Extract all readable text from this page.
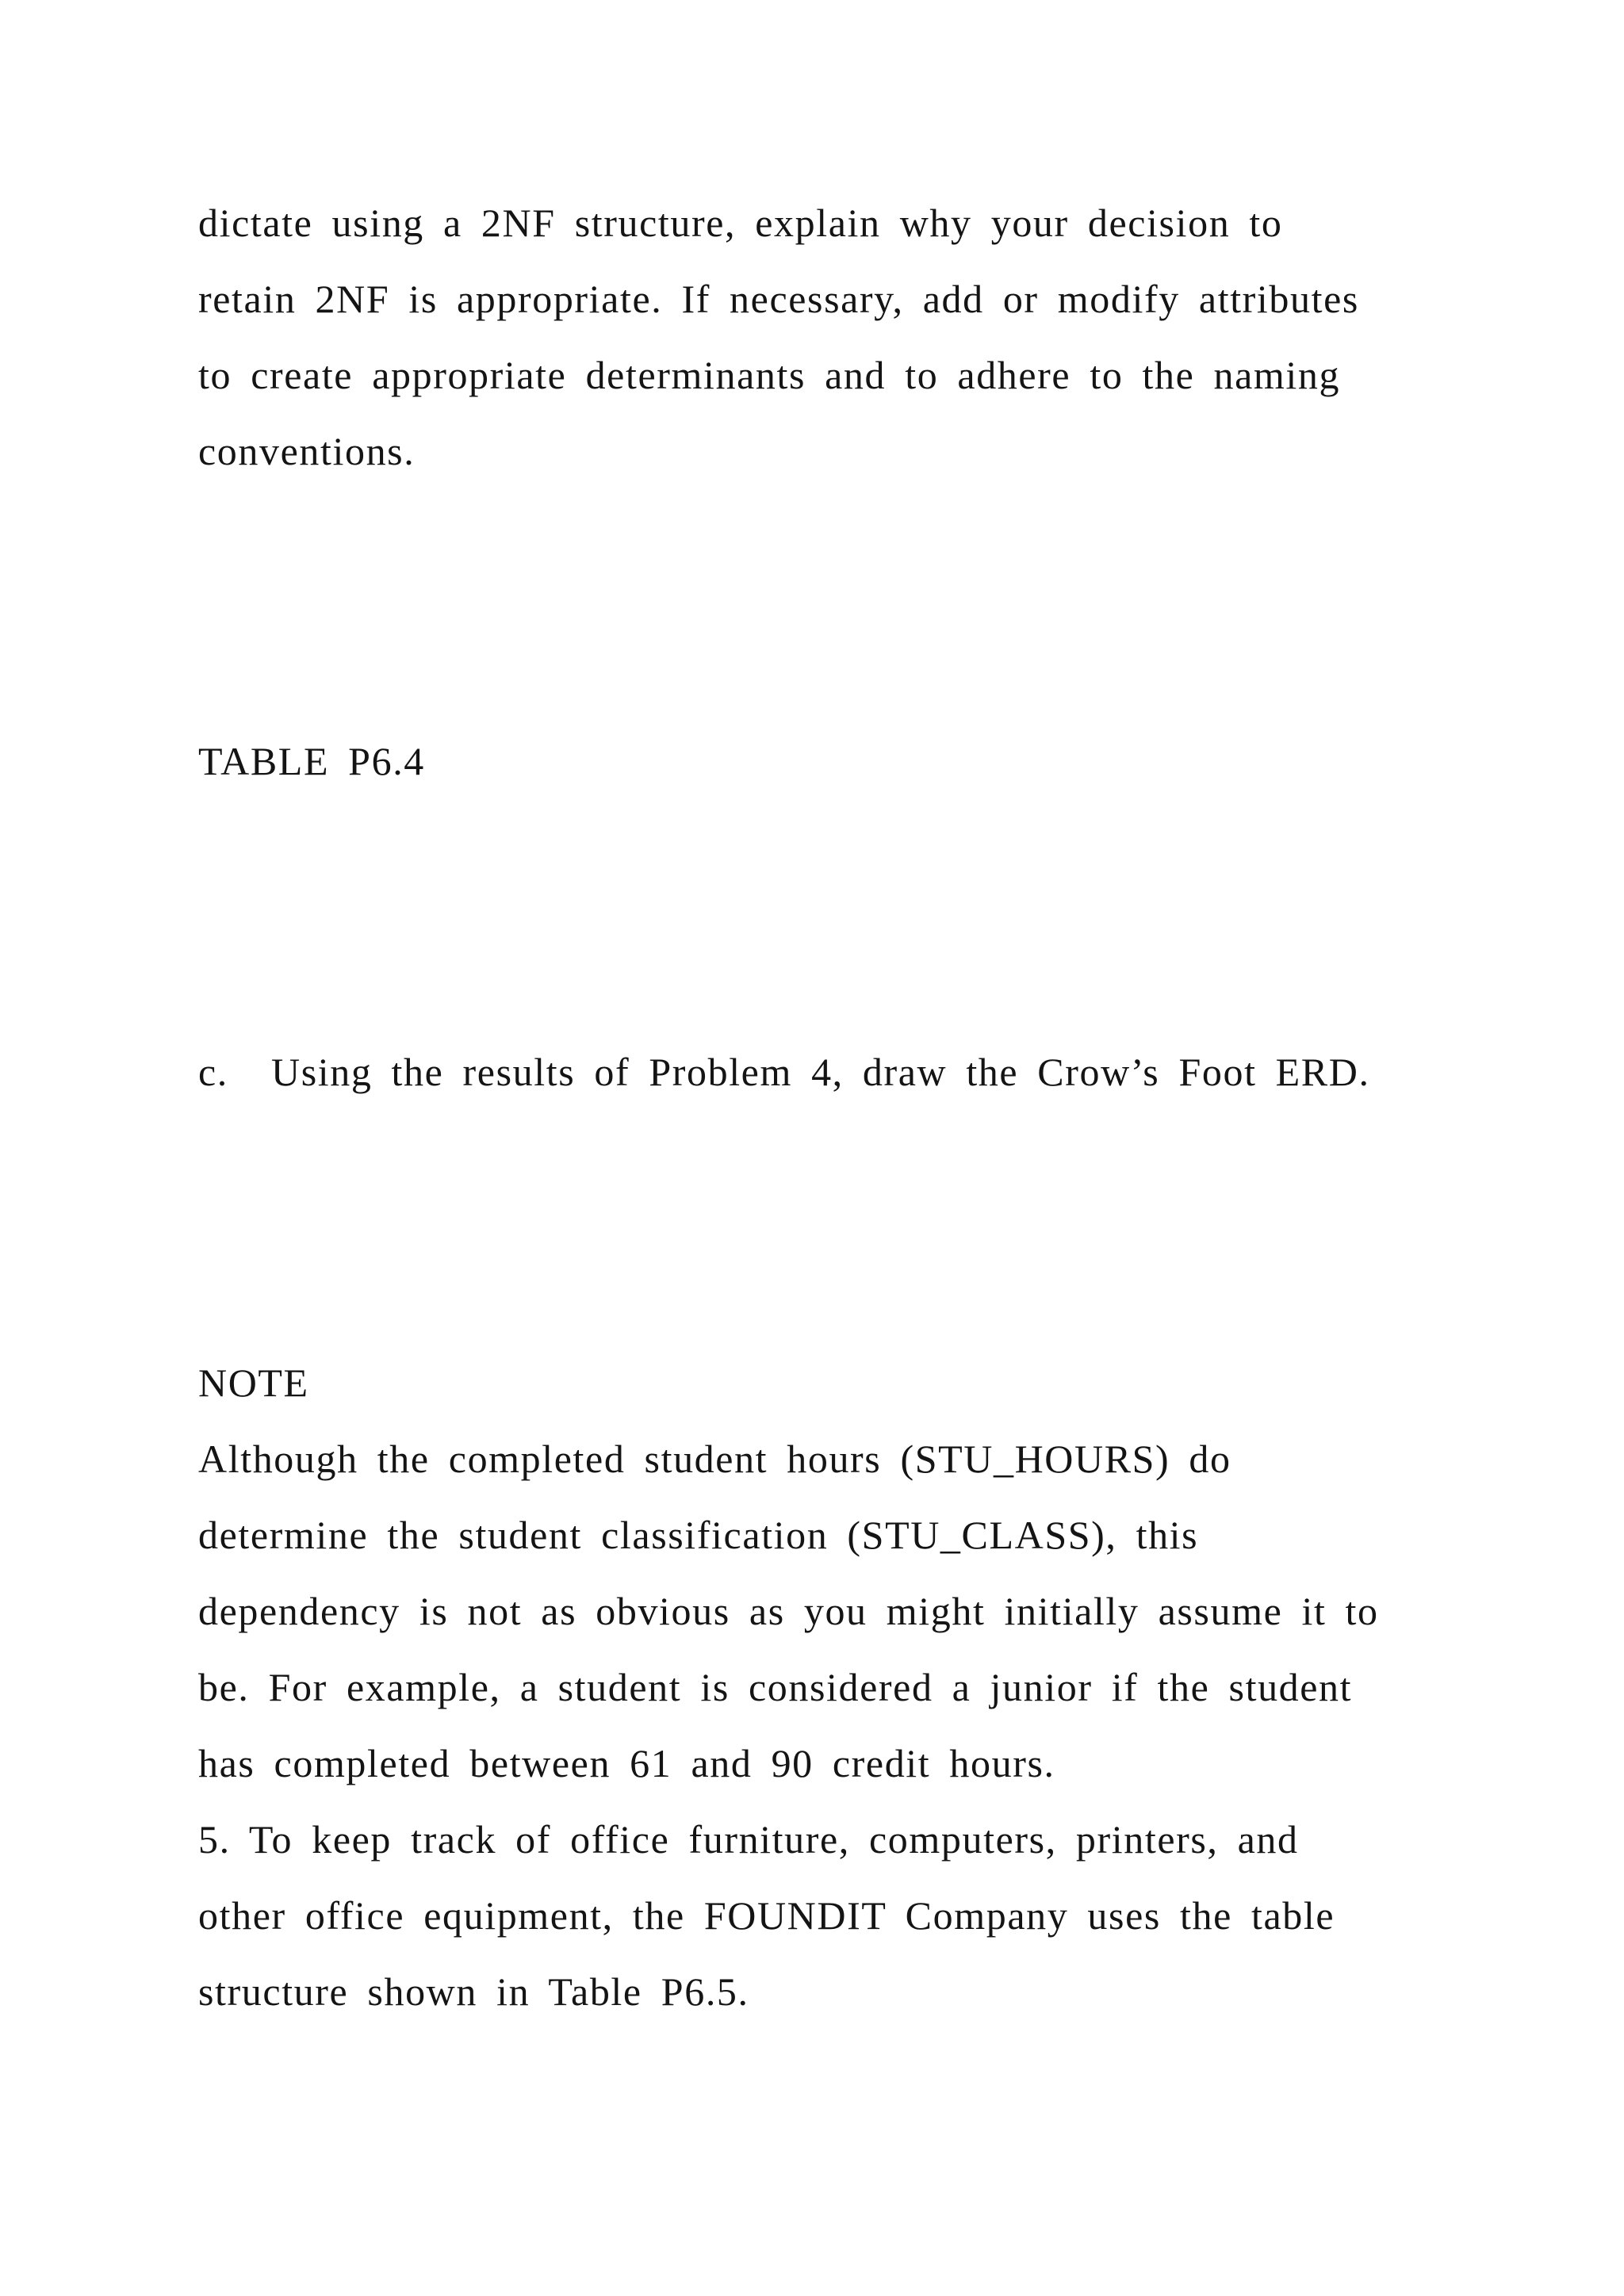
dictate using a 2NF structure, explain why your decision to
retain 2NF is appropriate. If necessary, add or modify attributes
to create appropriate determinants and to adhere to the naming
conventions.
TABLE P6.4
c. Using the results of Problem 4, draw the Crow’s Foot ERD.
NOTE
Although the completed student hours (STU_HOURS) do
determine the student classification (STU_CLASS), this
dependency is not as obvious as you might initially assume it to
be. For example, a student is considered a junior if the student
has completed between 61 and 90 credit hours.
5. To keep track of office furniture, computers, printers, and
other office equipment, the FOUNDIT Company uses the table
structure shown in Table P6.5.
